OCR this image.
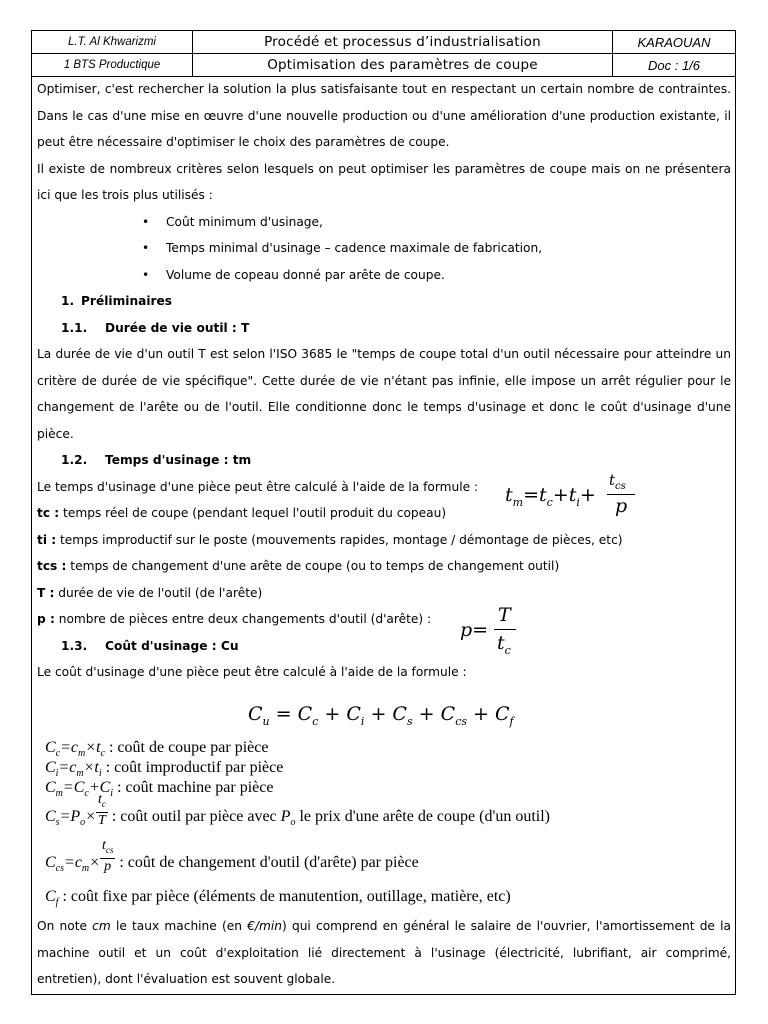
L.T. Al Khwarizmi	Procédé et processus d’industrialisation	KARAOUAN
1 BTS Productique	Optimisation des paramètres de coupe	Doc : 1/6

Optimiser, c'est rechercher la solution la plus satisfaisante tout en respectant un certain nombre de contraintes. Dans le cas d'une mise en œuvre d'une nouvelle production ou d'une amélioration d'une production existante, il peut être nécessaire d'optimiser le choix des paramètres de coupe.

Il existe de nombreux critères selon lesquels on peut optimiser les paramètres de coupe mais on ne présentera ici que les trois plus utilisés :

• Coût minimum d'usinage,
• Temps minimal d'usinage – cadence maximale de fabrication,
• Volume de copeau donné par arête de coupe.

1. Préliminaires

1.1. Durée de vie outil : T

La durée de vie d'un outil T est selon l'ISO 3685 le "temps de coupe total d'un outil nécessaire pour atteindre un critère de durée de vie spécifique". Cette durée de vie n'étant pas infinie, elle impose un arrêt régulier pour le changement de l'arête ou de l'outil. Elle conditionne donc le temps d'usinage et donc le coût d'usinage d'une pièce.

1.2. Temps d'usinage : tm

Le temps d'usinage d'une pièce peut être calculé à l'aide de la formule :

tc : temps réel de coupe (pendant lequel l'outil produit du copeau)

ti : temps improductif sur le poste (mouvements rapides, montage / démontage de pièces, etc)

tcs : temps de changement d'une arête de coupe (ou to temps de changement outil)

T : durée de vie de l'outil (de l'arête)

p : nombre de pièces entre deux changements d'outil (d'arête) :

1.3. Coût d'usinage : Cu

Le coût d'usinage d'une pièce peut être calculé à l'aide de la formule :

$t_m=t_c+t_i+$
$t_{cs}$
p
p=
T
$t_c$
$C_u = C_c + C_i + C_s + C_{cs} + C_f$

$C_c=c_m\times t_c$ : coût de coupe par pièce

$C_i=c_m\times t_i$ : coût improductif par pièce

$C_m=C_c+C_i$ : coût machine par pièce

$C_s=P_o\times \frac{t_c}{T}$ : coût outil par pièce avec $P_o$ le prix d'une arête de coupe (d'un outil)

$C_{cs}=c_m\times \frac{t_{cs}}{p}$ : coût de changement d'outil (d'arête) par pièce

$C_f$ : coût fixe par pièce (éléments de manutention, outillage, matière, etc)

On note cm le taux machine (en €/min) qui comprend en général le salaire de l'ouvrier, l'amortissement de la machine outil et un coût d'exploitation lié directement à l'usinage (électricité, lubrifiant, air comprimé, entretien), dont l'évaluation est souvent globale.
